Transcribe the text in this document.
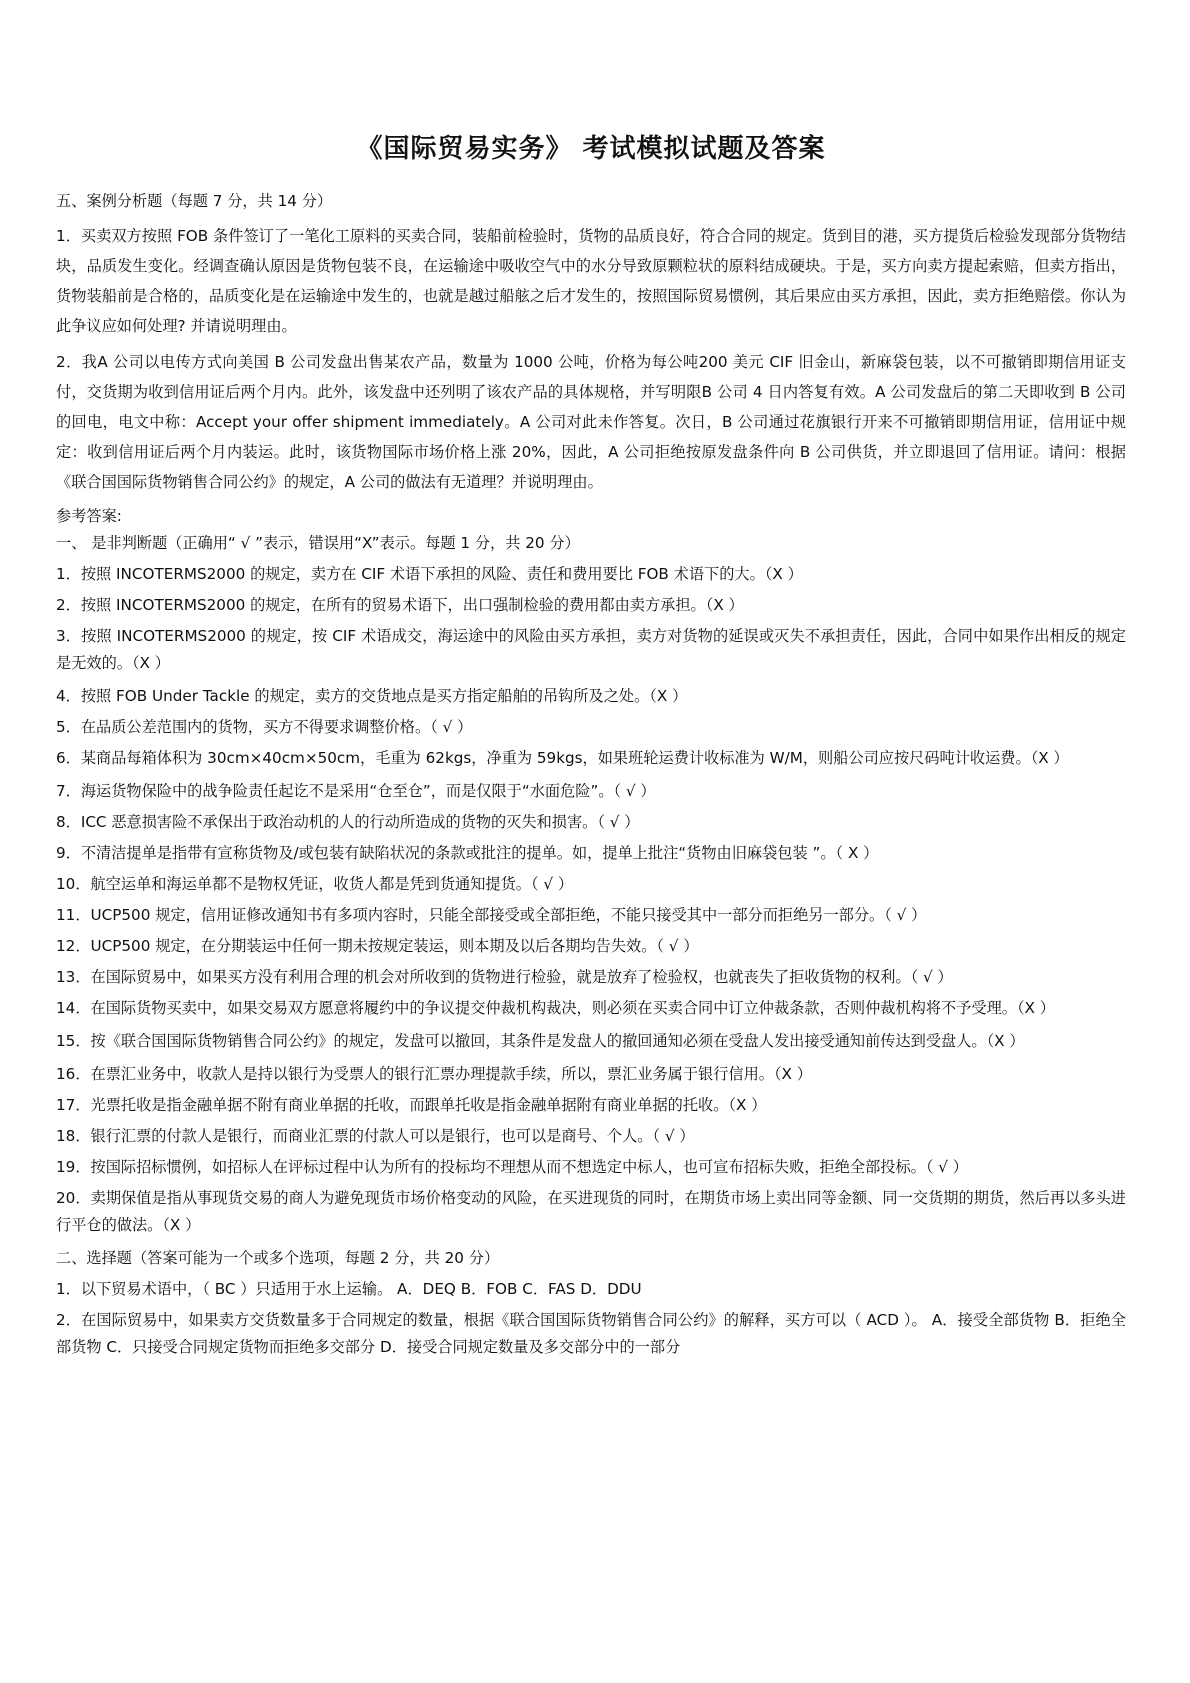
《国际贸易实务》 考试模拟试题及答案

五、案例分析题（每题 7 分，共 14 分）

1．买卖双方按照 FOB 条件签订了一笔化工原料的买卖合同，装船前检验时，货物的品质良好，符合合同的规定。货到目的港，买方提货后检验发现部分货物结块，品质发生变化。经调查确认原因是货物包装不良，在运输途中吸收空气中的水分导致原颗粒状的原料结成硬块。于是，买方向卖方提起索赔，但卖方指出，货物装船前是合格的，品质变化是在运输途中发生的，也就是越过船舷之后才发生的，按照国际贸易惯例，其后果应由买方承担，因此，卖方拒绝赔偿。你认为此争议应如何处理? 并请说明理由。

2．我A 公司以电传方式向美国 B 公司发盘出售某农产品，数量为 1000 公吨，价格为每公吨200 美元 CIF 旧金山，新麻袋包装，以不可撤销即期信用证支付，交货期为收到信用证后两个月内。此外，该发盘中还列明了该农产品的具体规格，并写明限B 公司 4 日内答复有效。A 公司发盘后的第二天即收到 B 公司的回电，电文中称：Accept your offer shipment immediately。A 公司对此未作答复。次日，B 公司通过花旗银行开来不可撤销即期信用证，信用证中规定：收到信用证后两个月内装运。此时，该货物国际市场价格上涨 20%，因此，A 公司拒绝按原发盘条件向 B 公司供货，并立即退回了信用证。请问：根据《联合国国际货物销售合同公约》的规定，A 公司的做法有无道理？并说明理由。

参考答案:

一、 是非判断题（正确用“ √ ”表示，错误用“X”表示。每题 1 分，共 20 分）

1．按照 INCOTERMS2000 的规定，卖方在 CIF 术语下承担的风险、责任和费用要比 FOB 术语下的大。（X ）

2．按照 INCOTERMS2000 的规定，在所有的贸易术语下，出口强制检验的费用都由卖方承担。（X ）

3．按照 INCOTERMS2000 的规定，按 CIF 术语成交，海运途中的风险由买方承担，卖方对货物的延误或灭失不承担责任，因此，合同中如果作出相反的规定是无效的。（X ）

4．按照 FOB Under Tackle 的规定，卖方的交货地点是买方指定船舶的吊钩所及之处。（X ）

5．在品质公差范围内的货物，买方不得要求调整价格。（ √ ）

6．某商品每箱体积为 30cm×40cm×50cm，毛重为 62kgs，净重为 59kgs，如果班轮运费计收标准为 W/M，则船公司应按尺码吨计收运费。（X ）

7．海运货物保险中的战争险责任起讫不是采用“仓至仓”，而是仅限于“水面危险”。（ √ ）

8．ICC 恶意损害险不承保出于政治动机的人的行动所造成的货物的灭失和损害。（ √ ）

9．不清洁提单是指带有宣称货物及/或包装有缺陷状况的条款或批注的提单。如，提单上批注“货物由旧麻袋包装 ”。（ X ）

10．航空运单和海运单都不是物权凭证，收货人都是凭到货通知提货。（ √ ）

11．UCP500 规定，信用证修改通知书有多项内容时，只能全部接受或全部拒绝，不能只接受其中一部分而拒绝另一部分。（ √ ）

12．UCP500 规定，在分期装运中任何一期未按规定装运，则本期及以后各期均告失效。（ √ ）

13．在国际贸易中，如果买方没有利用合理的机会对所收到的货物进行检验，就是放弃了检验权，也就丧失了拒收货物的权利。（ √ ）

14．在国际货物买卖中，如果交易双方愿意将履约中的争议提交仲裁机构裁决，则必须在买卖合同中订立仲裁条款，否则仲裁机构将不予受理。（X ）

15．按《联合国国际货物销售合同公约》的规定，发盘可以撤回，其条件是发盘人的撤回通知必须在受盘人发出接受通知前传达到受盘人。（X ）

16．在票汇业务中，收款人是持以银行为受票人的银行汇票办理提款手续，所以，票汇业务属于银行信用。（X ）

17．光票托收是指金融单据不附有商业单据的托收，而跟单托收是指金融单据附有商业单据的托收。（X ）

18．银行汇票的付款人是银行，而商业汇票的付款人可以是银行，也可以是商号、个人。（ √ ）

19．按国际招标惯例，如招标人在评标过程中认为所有的投标均不理想从而不想选定中标人，也可宣布招标失败，拒绝全部投标。（ √ ）

20．卖期保值是指从事现货交易的商人为避免现货市场价格变动的风险，在买进现货的同时，在期货市场上卖出同等金额、同一交货期的期货，然后再以多头进行平仓的做法。（X ）

二、选择题（答案可能为一个或多个选项，每题 2 分，共 20 分）

1．以下贸易术语中，（ BC ）只适用于水上运输。 A．DEQ B．FOB C．FAS D．DDU

2．在国际贸易中，如果卖方交货数量多于合同规定的数量，根据《联合国国际货物销售合同公约》的解释，买方可以（ ACD ）。 A．接受全部货物 B．拒绝全部货物 C．只接受合同规定货物而拒绝多交部分 D．接受合同规定数量及多交部分中的一部分
